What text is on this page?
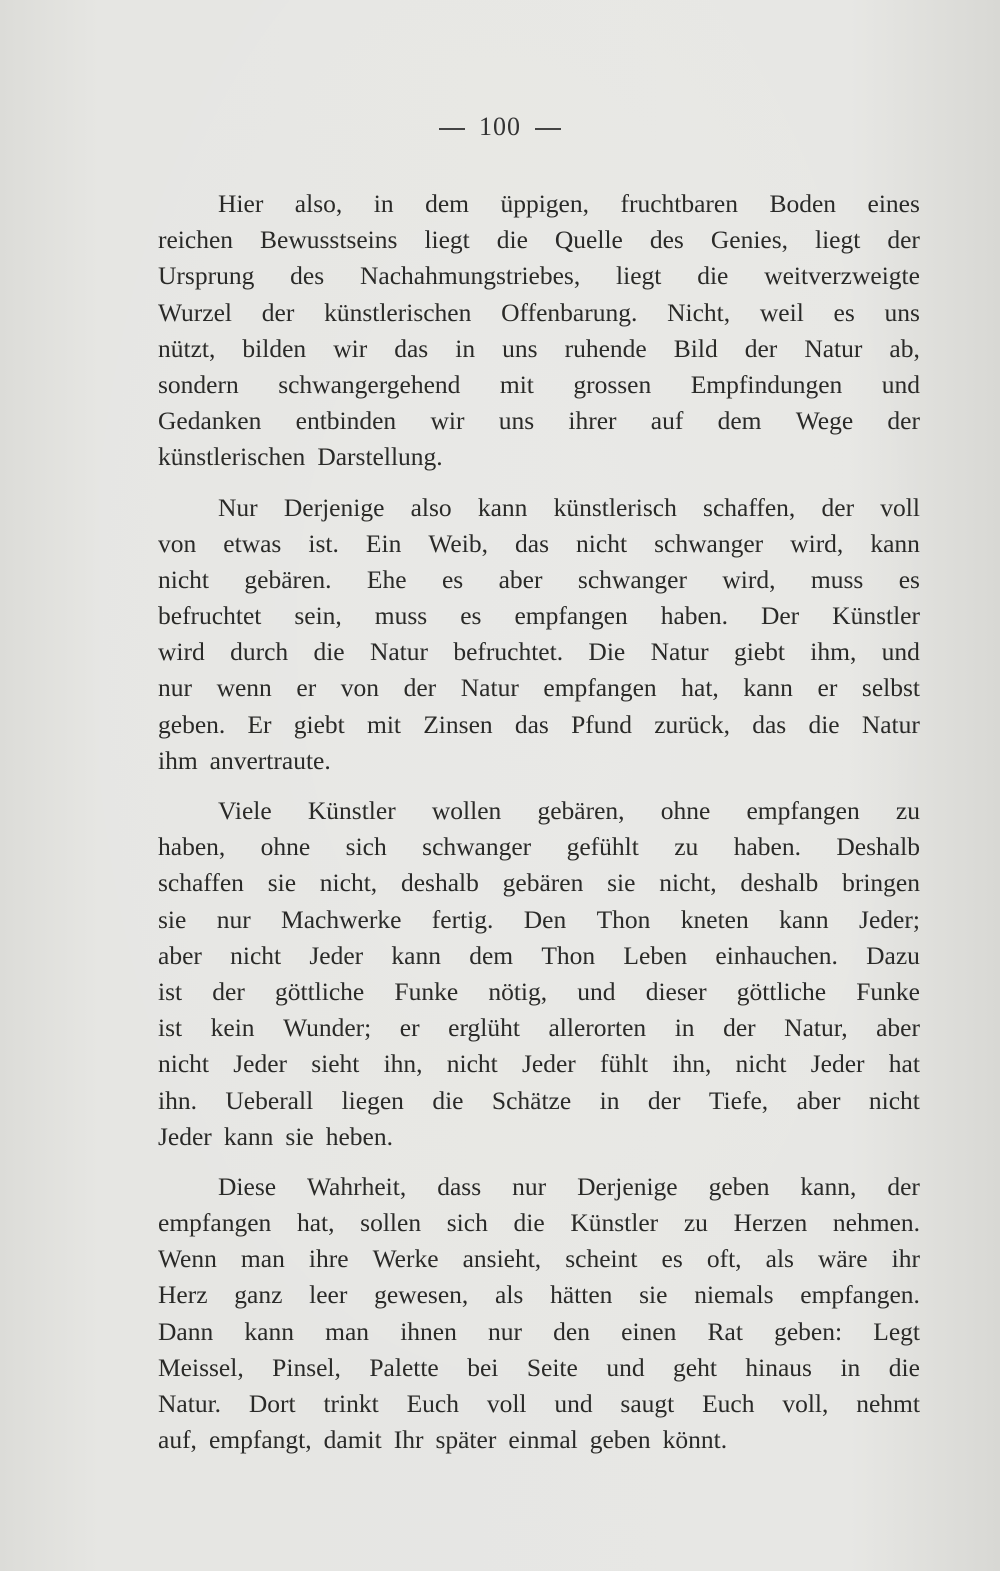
100
Hier also, in dem üppigen, fruchtbaren Boden eines
reichen Bewusstseins liegt die Quelle des Genies, liegt der
Ursprung des Nachahmungstriebes, liegt die weitverzweigte
Wurzel der künstlerischen Offenbarung. Nicht, weil es uns
nützt, bilden wir das in uns ruhende Bild der Natur ab,
sondern schwangergehend mit grossen Empfindungen und
Gedanken entbinden wir uns ihrer auf dem Wege der
künstlerischen Darstellung.
Nur Derjenige also kann künstlerisch schaffen, der voll
von etwas ist. Ein Weib, das nicht schwanger wird, kann
nicht gebären. Ehe es aber schwanger wird, muss es
befruchtet sein, muss es empfangen haben. Der Künstler
wird durch die Natur befruchtet. Die Natur giebt ihm, und
nur wenn er von der Natur empfangen hat, kann er selbst
geben. Er giebt mit Zinsen das Pfund zurück, das die Natur
ihm anvertraute.
Viele Künstler wollen gebären, ohne empfangen zu
haben, ohne sich schwanger gefühlt zu haben. Deshalb
schaffen sie nicht, deshalb gebären sie nicht, deshalb bringen
sie nur Machwerke fertig. Den Thon kneten kann Jeder;
aber nicht Jeder kann dem Thon Leben einhauchen. Dazu
ist der göttliche Funke nötig, und dieser göttliche Funke
ist kein Wunder; er erglüht allerorten in der Natur, aber
nicht Jeder sieht ihn, nicht Jeder fühlt ihn, nicht Jeder hat
ihn. Ueberall liegen die Schätze in der Tiefe, aber nicht
Jeder kann sie heben.
Diese Wahrheit, dass nur Derjenige geben kann, der
empfangen hat, sollen sich die Künstler zu Herzen nehmen.
Wenn man ihre Werke ansieht, scheint es oft, als wäre ihr
Herz ganz leer gewesen, als hätten sie niemals empfangen.
Dann kann man ihnen nur den einen Rat geben: Legt
Meissel, Pinsel, Palette bei Seite und geht hinaus in die
Natur. Dort trinkt Euch voll und saugt Euch voll, nehmt
auf, empfangt, damit Ihr später einmal geben könnt.
